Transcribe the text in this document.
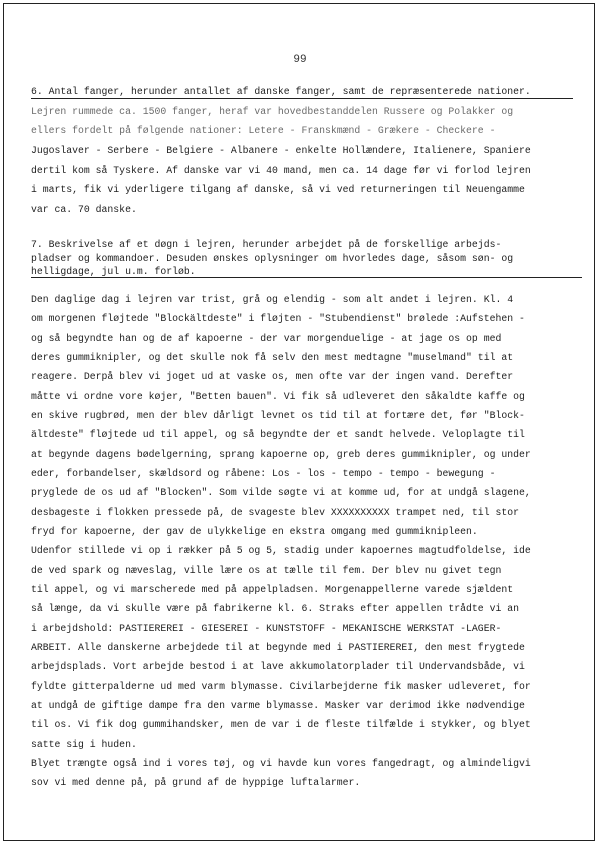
99
6. Antal fanger, herunder antallet af danske fanger, samt de repræsenterede nationer.
Lejren rummede ca. 1500 fanger, heraf var hovedbestanddelen Russere og Polakker og
ellers fordelt på følgende nationer: Letere - Franskmænd - Grækere - Checkere -
Jugoslaver - Serbere - Belgiere - Albanere - enkelte Hollændere, Italienere, Spaniere
dertil kom så Tyskere. Af danske var vi 40 mand, men ca. 14 dage før vi forlod lejren
i marts, fik vi yderligere tilgang af danske, så vi ved returneringen til Neuengamme
var ca. 70 danske.
7. Beskrivelse af et døgn i lejren, herunder arbejdet på de forskellige arbejds-
pladser og kommandoer. Desuden ønskes oplysninger om hvorledes dage, såsom søn- og
helligdage, jul u.m. forløb.
Den daglige dag i lejren var trist, grå og elendig - som alt andet i lejren. Kl. 4
om morgenen fløjtede "Blockältdeste" i fløjten - "Stubendienst" brølede :Aufstehen -
og så begyndte han og de af kapoerne - der var morgenduelige - at jage os op med
deres gummiknipler, og det skulle nok få selv den mest medtagne "muselmand" til at
reagere. Derpå blev vi joget ud at vaske os, men ofte var der ingen vand. Derefter
måtte vi ordne vore køjer, "Betten bauen". Vi fik så udleveret den såkaldte kaffe og
en skive rugbrød, men der blev dårligt levnet os tid til at fortære det, før "Block-
ältdeste" fløjtede ud til appel, og så begyndte der et sandt helvede. Veloplagte til
at begynde dagens bødelgerning, sprang kapoerne op, greb deres gummiknipler, og under
eder, forbandelser, skældsord og råbene: Los - los - tempo - tempo - bewegung -
pryglede de os ud af "Blocken". Som vilde søgte vi at komme ud, for at undgå slagene,
desbageste i flokken pressede på, de svageste blev XXXXXXXXXX trampet ned, til stor
fryd for kapoerne, der gav de ulykkelige en ekstra omgang med gummiknipleen.
Udenfor stillede vi op i rækker på 5 og 5, stadig under kapoernes magtudfoldelse, ide
de ved spark og næveslag, ville lære os at tælle til fem. Der blev nu givet tegn
til appel, og vi marscherede med på appelpladsen. Morgenappellerne varede sjældent
så længe, da vi skulle være på fabrikerne kl. 6. Straks efter appellen trådte vi an
i arbejdshold: PASTIEREREI - GIESEREI - KUNSTSTOFF - MEKANISCHE WERKSTAT -LAGER-
ARBEIT. Alle danskerne arbejdede til at begynde med i PASTIEREREI, den mest frygtede
arbejdsplads. Vort arbejde bestod i at lave akkumolatorplader til Undervandsbåde, vi
fyldte gitterpalderne ud med varm blymasse. Civilarbejderne fik masker udleveret, for
at undgå de giftige dampe fra den varme blymasse. Masker var derimod ikke nødvendige
til os. Vi fik dog gummihandsker, men de var i de fleste tilfælde i stykker, og blyet
satte sig i huden.
Blyet trængte også ind i vores tøj, og vi havde kun vores fangedragt, og almindeligvi
sov vi med denne på, på grund af de hyppige luftalarmer.
